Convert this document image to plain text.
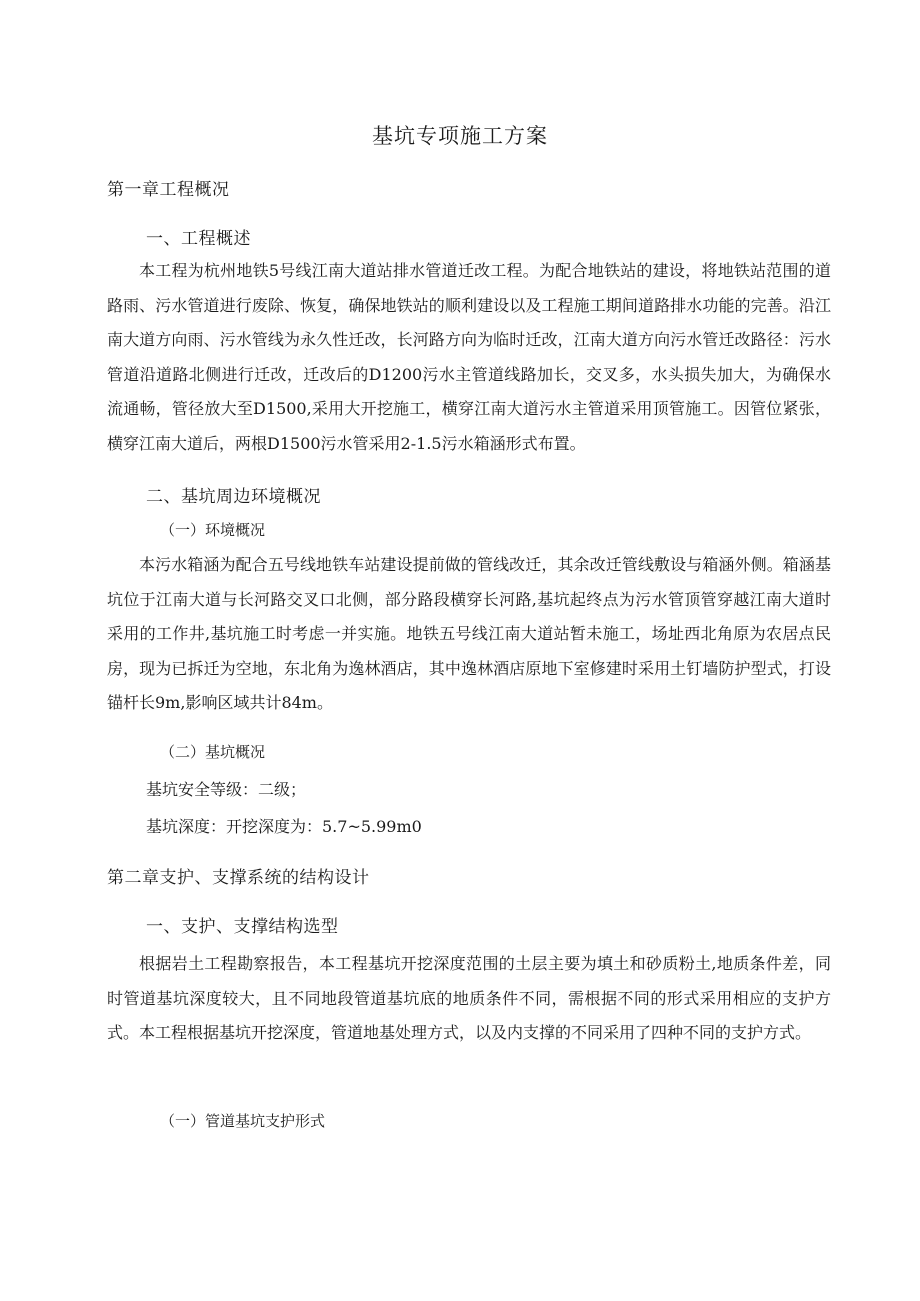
基坑专项施工方案
第一章工程概况
一、工程概述
本工程为杭州地铁5号线江南大道站排水管道迁改工程。为配合地铁站的建设，将地铁站范围的道路雨、污水管道进行废除、恢复，确保地铁站的顺利建设以及工程施工期间道路排水功能的完善。沿江南大道方向雨、污水管线为永久性迁改，长河路方向为临时迁改，江南大道方向污水管迁改路径：污水管道沿道路北侧进行迁改，迁改后的D1200污水主管道线路加长，交叉多，水头损失加大，为确保水流通畅，管径放大至D1500,采用大开挖施工，横穿江南大道污水主管道采用顶管施工。因管位紧张，横穿江南大道后，两根D1500污水管采用2-1.5污水箱涵形式布置。
二、基坑周边环境概况
（一）环境概况
本污水箱涵为配合五号线地铁车站建设提前做的管线改迁，其余改迁管线敷设与箱涵外侧。箱涵基坑位于江南大道与长河路交叉口北侧，部分路段横穿长河路,基坑起终点为污水管顶管穿越江南大道时采用的工作井,基坑施工时考虑一并实施。地铁五号线江南大道站暂未施工，场址西北角原为农居点民房，现为已拆迁为空地，东北角为逸林酒店，其中逸林酒店原地下室修建时采用土钉墙防护型式，打设锚杆长9m,影响区域共计84m。
（二）基坑概况
基坑安全等级：二级；
基坑深度：开挖深度为：5.7~5.99m0
第二章支护、支撑系统的结构设计
一、支护、支撑结构选型
根据岩土工程勘察报告，本工程基坑开挖深度范围的土层主要为填土和砂质粉土,地质条件差，同时管道基坑深度较大，且不同地段管道基坑底的地质条件不同，需根据不同的形式采用相应的支护方式。本工程根据基坑开挖深度，管道地基处理方式，以及内支撑的不同采用了四种不同的支护方式。
（一）管道基坑支护形式
